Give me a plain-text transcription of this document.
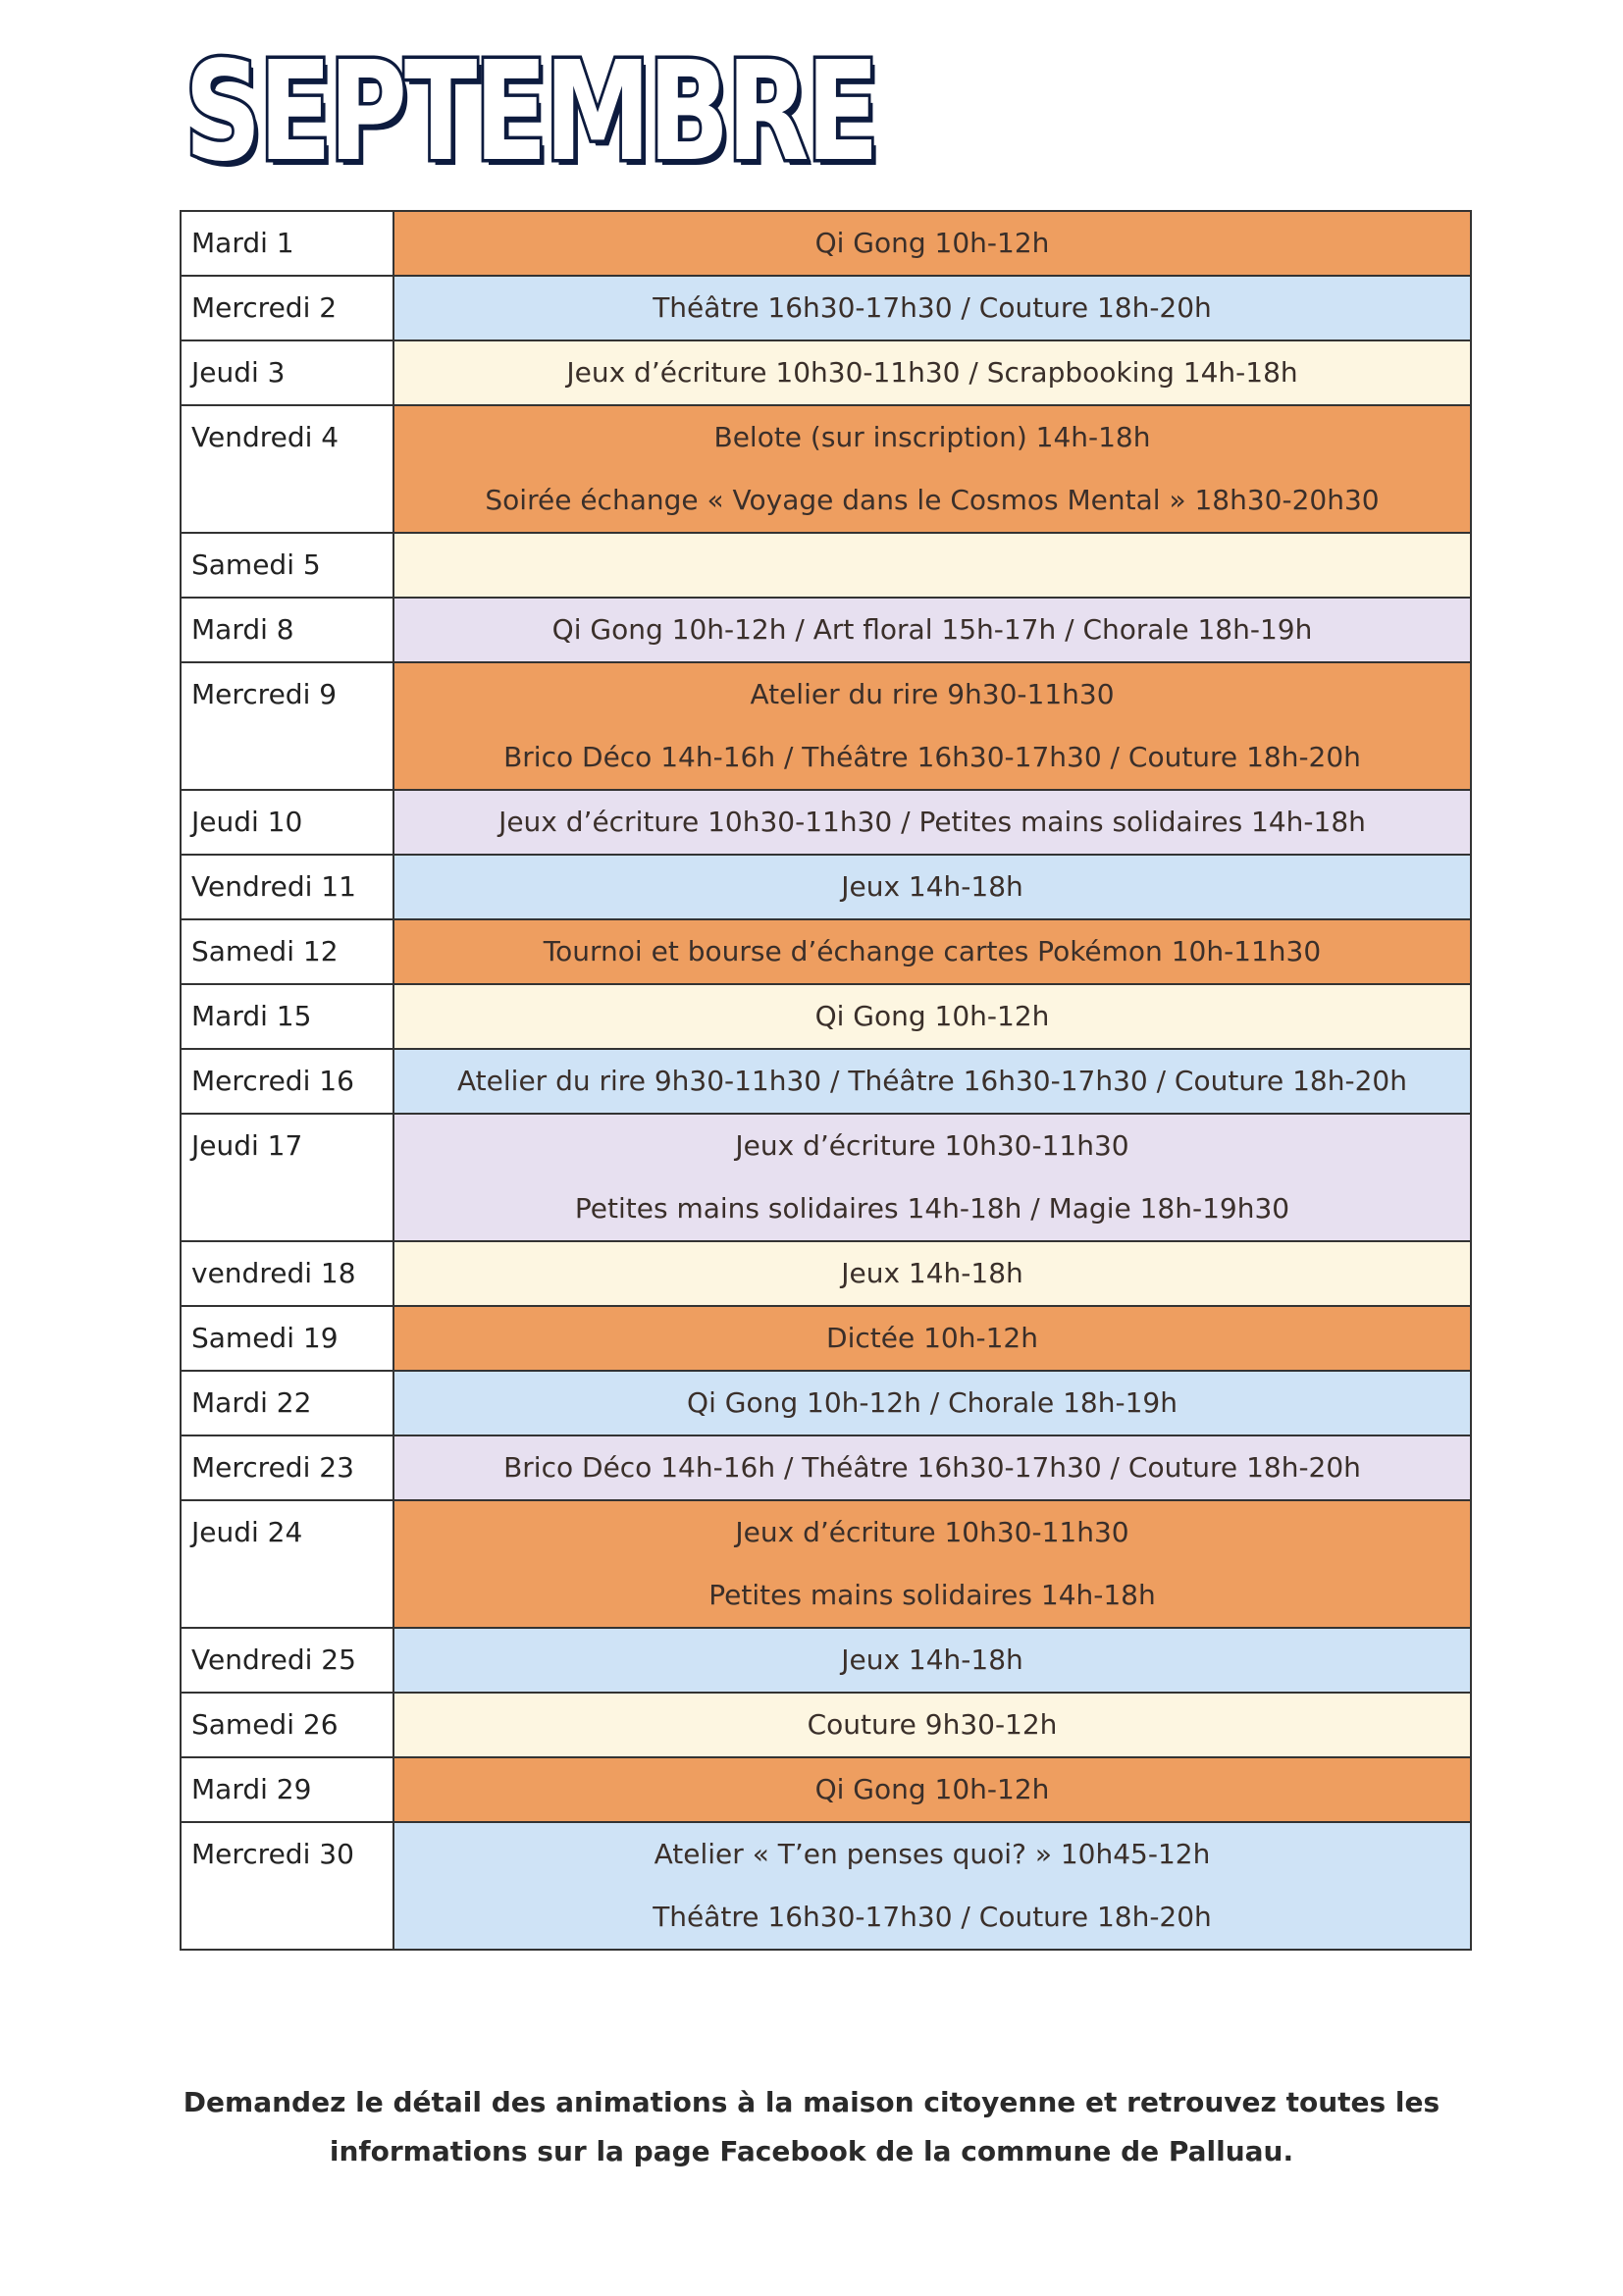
SEPTEMBRE
Mardi 1	Qi Gong 10h-12h

Mercredi 2	Théâtre 16h30-17h30 / Couture 18h-20h

Jeudi 3	Jeux d’écriture 10h30-11h30 / Scrapbooking 14h-18h

Vendredi 4	Belote (sur inscription) 14h-18h
Soirée échange « Voyage dans le Cosmos Mental » 18h30-20h30

Samedi 5	

Mardi 8	Qi Gong 10h-12h / Art floral 15h-17h / Chorale 18h-19h

Mercredi 9	Atelier du rire 9h30-11h30
Brico Déco 14h-16h / Théâtre 16h30-17h30 / Couture 18h-20h

Jeudi 10	Jeux d’écriture 10h30-11h30 / Petites mains solidaires 14h-18h

Vendredi 11	Jeux 14h-18h

Samedi 12	Tournoi et bourse d’échange cartes Pokémon 10h-11h30

Mardi 15	Qi Gong 10h-12h

Mercredi 16	Atelier du rire 9h30-11h30 / Théâtre 16h30-17h30 / Couture 18h-20h

Jeudi 17	Jeux d’écriture 10h30-11h30
Petites mains solidaires 14h-18h / Magie 18h-19h30

vendredi 18	Jeux 14h-18h

Samedi 19	Dictée 10h-12h

Mardi 22	Qi Gong 10h-12h / Chorale 18h-19h

Mercredi 23	Brico Déco 14h-16h / Théâtre 16h30-17h30 / Couture 18h-20h

Jeudi 24	Jeux d’écriture 10h30-11h30
Petites mains solidaires 14h-18h

Vendredi 25	Jeux 14h-18h

Samedi 26	Couture 9h30-12h

Mardi 29	Qi Gong 10h-12h

Mercredi 30	Atelier « T’en penses quoi? » 10h45-12h
Théâtre 16h30-17h30 / Couture 18h-20h
Demandez le détail des animations à la maison citoyenne et retrouvez toutes les
informations sur la page Facebook de la commune de Palluau.
